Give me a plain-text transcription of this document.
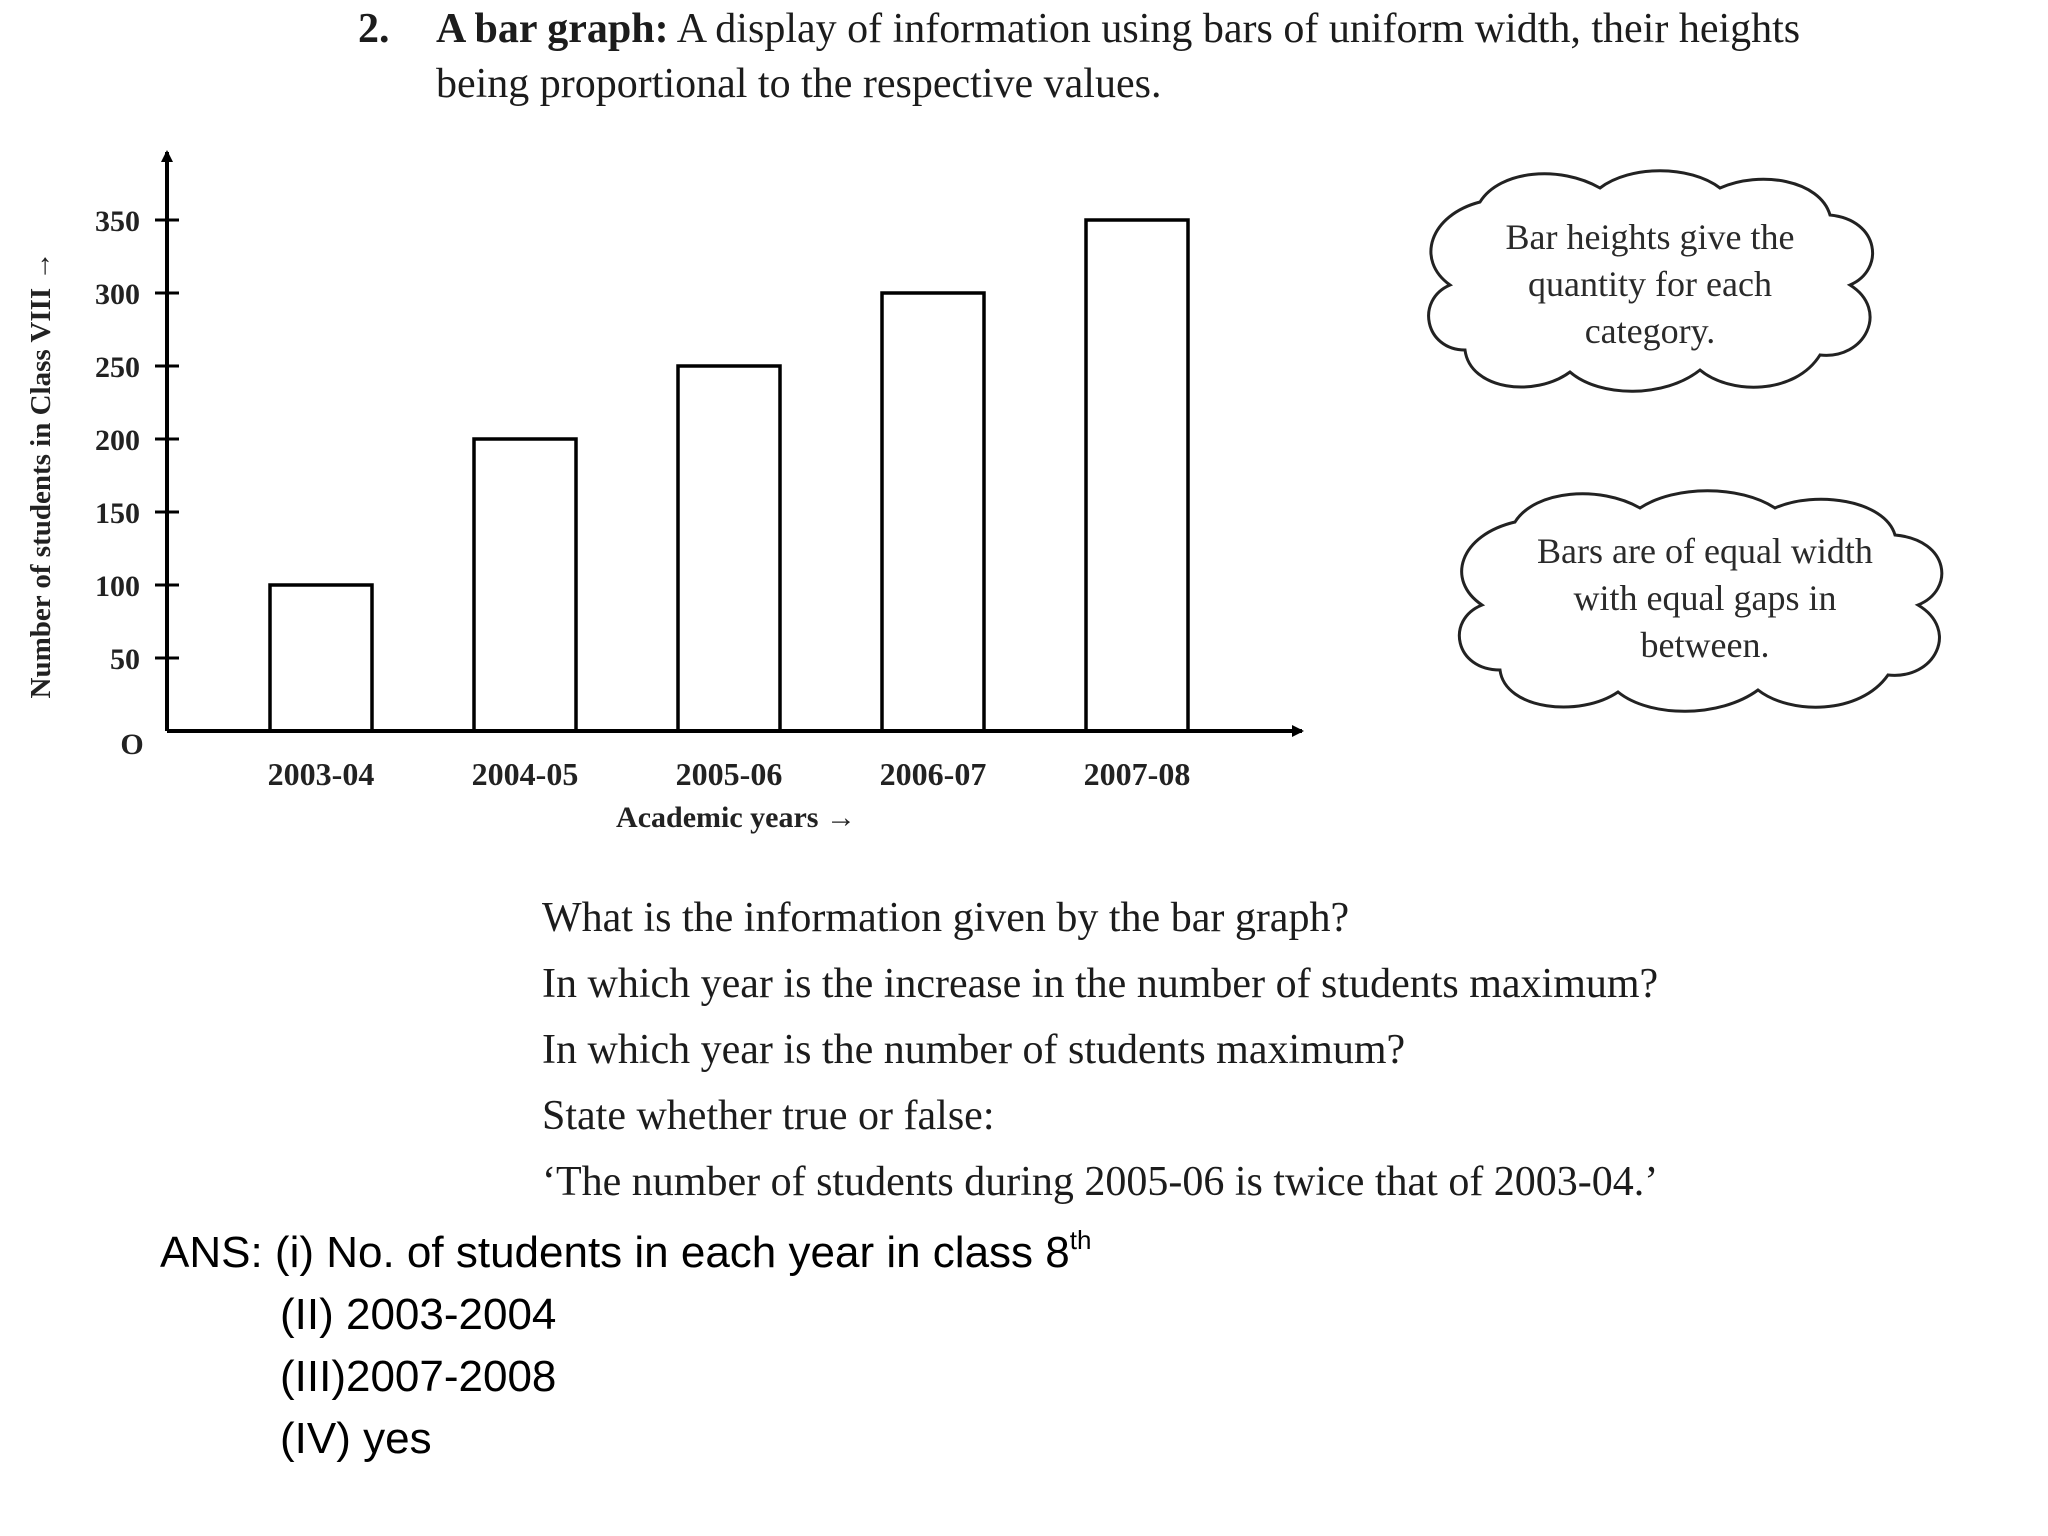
2. A bar graph: A display of information using bars of uniform width, their heights
being proportional to the respective values.
50
100
150
200
250
300
350
2003-04	2004-05	2005-06	2006-07	2007-08
O
Academic years →
Number of students in Class VIII →
Bar heights give the
quantity for each
category.
Bars are of equal width
with equal gaps in
between.
What is the information given by the bar graph?
In which year is the increase in the number of students maximum?
In which year is the number of students maximum?
State whether true or false:
‘The number of students during 2005-06 is twice that of 2003-04.’
ANS: (i) No. of students in each year in class 8th
(II) 2003-2004
(III)2007-2008
(IV) yes
